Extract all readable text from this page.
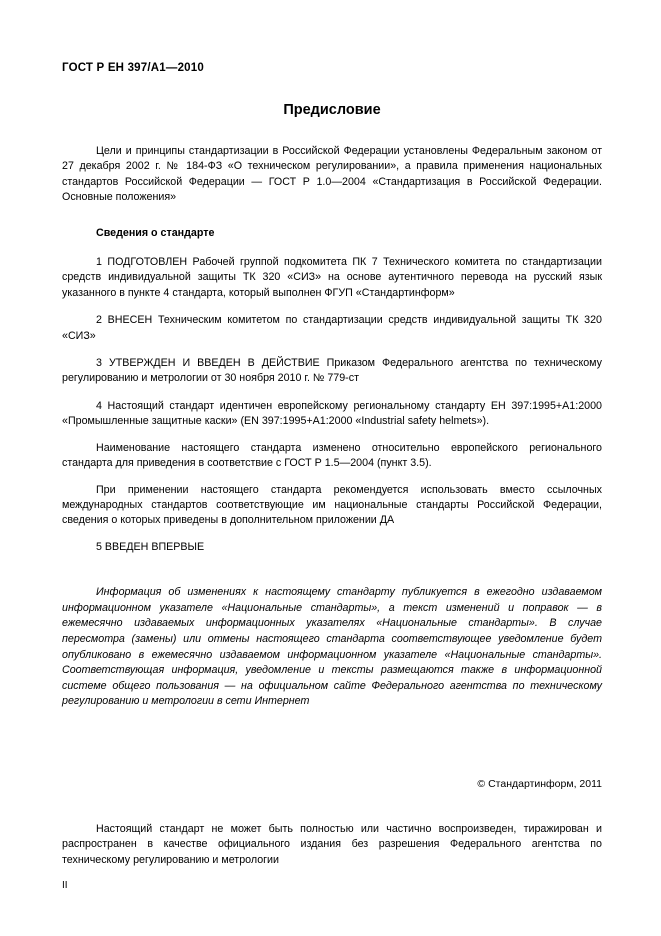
ГОСТ Р ЕН 397/А1—2010

Предисловие

Цели и принципы стандартизации в Российской Федерации установлены Федеральным законом от 27 декабря 2002 г. № 184-ФЗ «О техническом регулировании», а правила применения национальных стандартов Российской Федерации — ГОСТ Р 1.0—2004 «Стандартизация в Российской Федерации. Основные положения»

Сведения о стандарте

1 ПОДГОТОВЛЕН Рабочей группой подкомитета ПК 7 Технического комитета по стандартизации средств индивидуальной защиты ТК 320 «СИЗ» на основе аутентичного перевода на русский язык указанного в пункте 4 стандарта, который выполнен ФГУП «Стандартинформ»

2 ВНЕСЕН Техническим комитетом по стандартизации средств индивидуальной защиты ТК 320 «СИЗ»

3 УТВЕРЖДЕН И ВВЕДЕН В ДЕЙСТВИЕ Приказом Федерального агентства по техническому регулированию и метрологии от 30 ноября 2010 г. № 779-ст

4 Настоящий стандарт идентичен европейскому региональному стандарту ЕН 397:1995+А1:2000 «Промышленные защитные каски» (EN 397:1995+A1:2000 «Industrial safety helmets»).

Наименование настоящего стандарта изменено относительно европейского регионального стандарта для приведения в соответствие с ГОСТ Р 1.5—2004 (пункт 3.5).

При применении настоящего стандарта рекомендуется использовать вместо ссылочных международных стандартов соответствующие им национальные стандарты Российской Федерации, сведения о которых приведены в дополнительном приложении ДА

5 ВВЕДЕН ВПЕРВЫЕ

Информация об изменениях к настоящему стандарту публикуется в ежегодно издаваемом информационном указателе «Национальные стандарты», а текст изменений и поправок — в ежемесячно издаваемых информационных указателях «Национальные стандарты». В случае пересмотра (замены) или отмены настоящего стандарта соответствующее уведомление будет опубликовано в ежемесячно издаваемом информационном указателе «Национальные стандарты». Соответствующая информация, уведомление и тексты размещаются также в информационной системе общего пользования — на официальном сайте Федерального агентства по техническому регулированию и метрологии в сети Интернет

© Стандартинформ, 2011

Настоящий стандарт не может быть полностью или частично воспроизведен, тиражирован и распространен в качестве официального издания без разрешения Федерального агентства по техническому регулированию и метрологии

II
